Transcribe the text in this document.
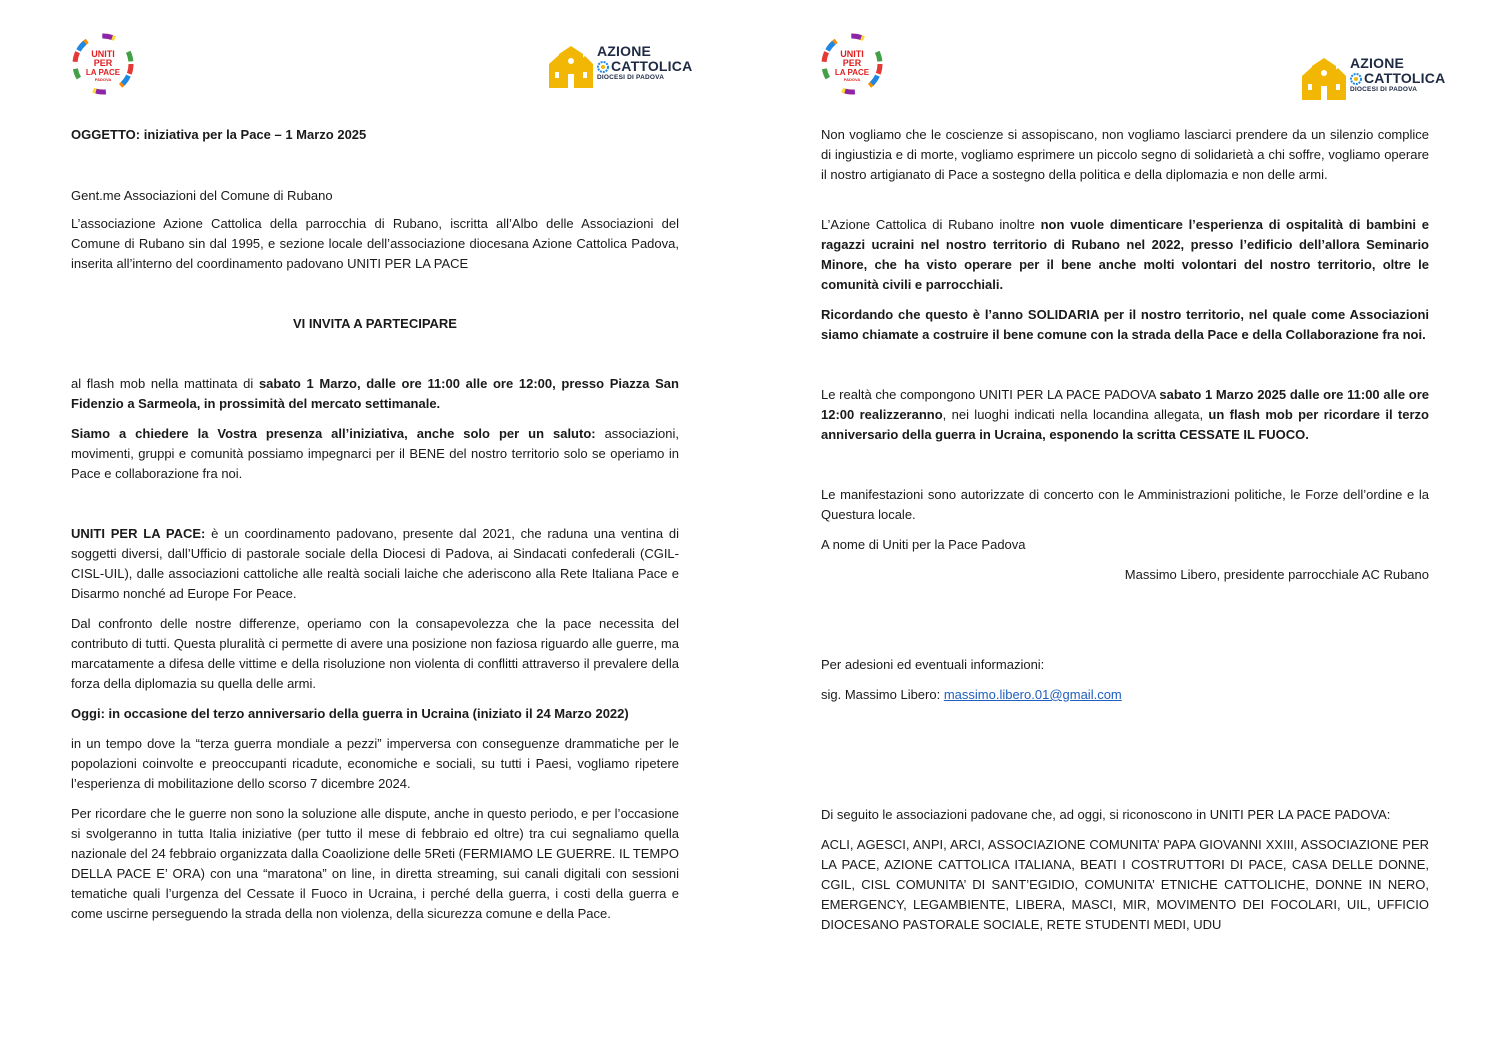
UNITI
PER
LA PACE
PADOVA
AZIONE
CATTOLICA
DIOCESI DI PADOVA
OGGETTO: iniziativa per la Pace – 1 Marzo 2025
Gent.me Associazioni del Comune di Rubano
L’associazione Azione Cattolica della parrocchia di Rubano, iscritta all’Albo delle Associazioni del Comune di Rubano sin dal 1995, e sezione locale dell’associazione diocesana Azione Cattolica Padova, inserita all’interno del coordinamento padovano UNITI PER LA PACE
VI INVITA A PARTECIPARE
al flash mob nella mattinata di sabato 1 Marzo, dalle ore 11:00 alle ore 12:00, presso Piazza San Fidenzio a Sarmeola, in prossimità del mercato settimanale.
Siamo a chiedere la Vostra presenza all’iniziativa, anche solo per un saluto: associazioni, movimenti, gruppi e comunità possiamo impegnarci per il BENE del nostro territorio solo se operiamo in Pace e collaborazione fra noi.
UNITI PER LA PACE: è un coordinamento padovano, presente dal 2021, che raduna una ventina di soggetti diversi, dall’Ufficio di pastorale sociale della Diocesi di Padova, ai Sindacati confederali (CGIL-CISL-UIL), dalle associazioni cattoliche alle realtà sociali laiche che aderiscono alla Rete Italiana Pace e Disarmo nonché ad Europe For Peace.
Dal confronto delle nostre differenze, operiamo con la consapevolezza che la pace necessita del contributo di tutti. Questa pluralità ci permette di avere una posizione non faziosa riguardo alle guerre, ma marcatamente a difesa delle vittime e della risoluzione non violenta di conflitti attraverso il prevalere della forza della diplomazia su quella delle armi.
Oggi: in occasione del terzo anniversario della guerra in Ucraina (iniziato il 24 Marzo 2022)
in un tempo dove la “terza guerra mondiale a pezzi” imperversa con conseguenze drammatiche per le popolazioni coinvolte e preoccupanti ricadute, economiche e sociali, su tutti i Paesi, vogliamo ripetere l’esperienza di mobilitazione dello scorso 7 dicembre 2024.
Per ricordare che le guerre non sono la soluzione alle dispute, anche in questo periodo, e per l’occasione si svolgeranno in tutta Italia iniziative (per tutto il mese di febbraio ed oltre) tra cui segnaliamo quella nazionale del 24 febbraio organizzata dalla Coaolizione delle 5Reti (FERMIAMO LE GUERRE. IL TEMPO DELLA PACE E’ ORA) con una “maratona” on line, in diretta streaming, sui canali digitali con sessioni tematiche quali l’urgenza del Cessate il Fuoco in Ucraina, i perché della guerra, i costi della guerra e come uscirne perseguendo la strada della non violenza, della sicurezza comune e della Pace.
UNITI
PER
LA PACE
PADOVA
AZIONE
CATTOLICA
DIOCESI DI PADOVA
Non vogliamo che le coscienze si assopiscano, non vogliamo lasciarci prendere da un silenzio complice di ingiustizia e di morte, vogliamo esprimere un piccolo segno di solidarietà a chi soffre, vogliamo operare il nostro artigianato di Pace a sostegno della politica e della diplomazia e non delle armi.
L’Azione Cattolica di Rubano inoltre non vuole dimenticare l’esperienza di ospitalità di bambini e ragazzi ucraini nel nostro territorio di Rubano nel 2022, presso l’edificio dell’allora Seminario Minore, che ha visto operare per il bene anche molti volontari del nostro territorio, oltre le comunità civili e parrocchiali.
Ricordando che questo è l’anno SOLIDARIA per il nostro territorio, nel quale come Associazioni siamo chiamate a costruire il bene comune con la strada della Pace e della Collaborazione fra noi.
Le realtà che compongono UNITI PER LA PACE PADOVA sabato 1 Marzo 2025 dalle ore 11:00 alle ore 12:00 realizzeranno, nei luoghi indicati nella locandina allegata, un flash mob per ricordare il terzo anniversario della guerra in Ucraina, esponendo la scritta CESSATE IL FUOCO.
Le manifestazioni sono autorizzate di concerto con le Amministrazioni politiche, le Forze dell’ordine e la Questura locale.
A nome di Uniti per la Pace Padova
Massimo Libero, presidente parrocchiale AC Rubano
Per adesioni ed eventuali informazioni:
sig. Massimo Libero: massimo.libero.01@gmail.com
Di seguito le associazioni padovane che, ad oggi, si riconoscono in UNITI PER LA PACE PADOVA:
ACLI, AGESCI, ANPI, ARCI, ASSOCIAZIONE COMUNITA’ PAPA GIOVANNI XXIII, ASSOCIAZIONE PER LA PACE, AZIONE CATTOLICA ITALIANA, BEATI I COSTRUTTORI DI PACE, CASA DELLE DONNE, CGIL, CISL COMUNITA’ DI SANT’EGIDIO, COMUNITA’ ETNICHE CATTOLICHE, DONNE IN NERO, EMERGENCY, LEGAMBIENTE, LIBERA, MASCI, MIR, MOVIMENTO DEI FOCOLARI, UIL, UFFICIO DIOCESANO PASTORALE SOCIALE, RETE STUDENTI MEDI, UDU
